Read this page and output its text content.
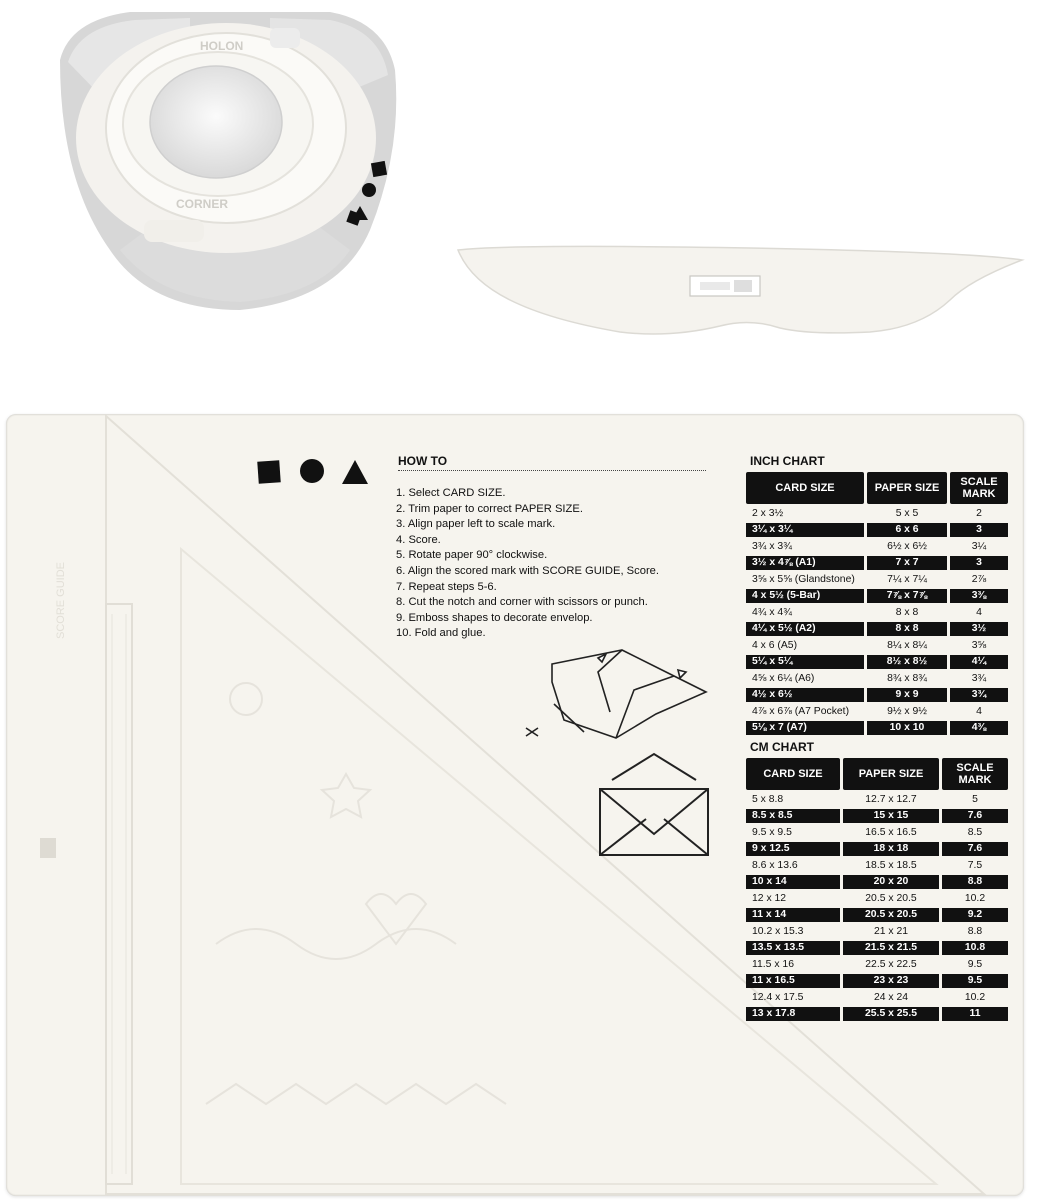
HOLON
CORNER
SCORE GUIDE
HOW TO
1. Select CARD SIZE.
2. Trim paper to correct PAPER SIZE.
3. Align paper left to scale mark.
4. Score.
5. Rotate paper 90° clockwise.
6. Align the scored mark with SCORE GUIDE, Score.
7. Repeat steps 5-6.
8. Cut the notch and corner with scissors or punch.
9. Emboss shapes to decorate envelop.
10. Fold and glue.
INCH CHART
CARD SIZE	PAPER SIZE	SCALE MARK
2 x 3½	5 x 5	2
3¼ x 3¼	6 x 6	3
3¾ x 3¾	6½ x 6½	3¼
3½ x 4⅞ (A1)	7 x 7	3
3⅝ x 5⅝ (Glandstone)	7¼ x 7¼	2⅞
4 x 5½ (5-Bar)	7⅞ x 7⅞	3⅜
4¾ x 4¾	8 x 8	4
4¼ x 5½ (A2)	8 x 8	3½
4 x 6 (A5)	8¼ x 8¼	3⅝
5¼ x 5¼	8½ x 8½	4¼
4⅝ x 6¼ (A6)	8¾ x 8¾	3¾
4½ x 6½	9 x 9	3¾
4⅞ x 6⅞ (A7 Pocket)	9½ x 9½	4
5⅛ x 7 (A7)	10 x 10	4⅜
CM CHART
CARD SIZE	PAPER SIZE	SCALE MARK
5 x 8.8	12.7 x 12.7	5
8.5 x 8.5	15 x 15	7.6
9.5 x 9.5	16.5 x 16.5	8.5
9 x 12.5	18 x 18	7.6
8.6 x 13.6	18.5 x 18.5	7.5
10 x 14	20 x 20	8.8
12 x 12	20.5 x 20.5	10.2
11 x 14	20.5 x 20.5	9.2
10.2 x 15.3	21 x 21	8.8
13.5 x 13.5	21.5 x 21.5	10.8
11.5 x 16	22.5 x 22.5	9.5
11 x 16.5	23 x 23	9.5
12.4 x 17.5	24 x 24	10.2
13 x 17.8	25.5 x 25.5	11
